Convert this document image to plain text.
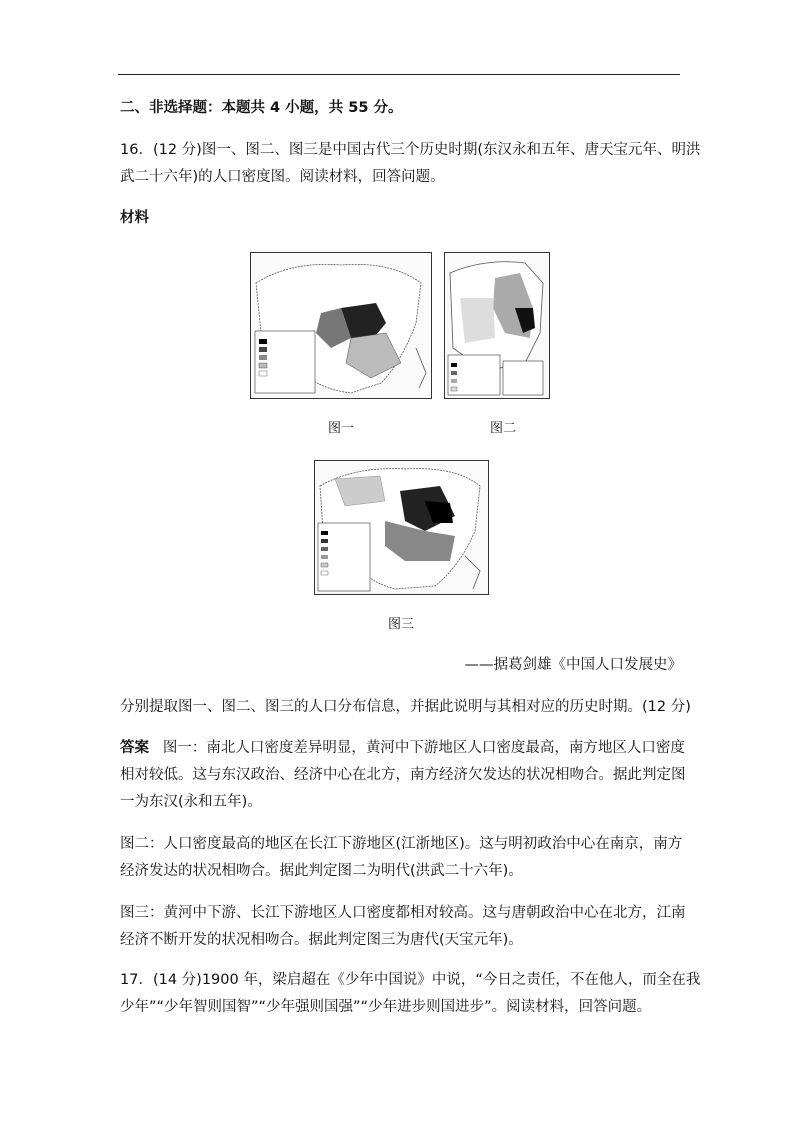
二、非选择题：本题共 4 小题，共 55 分。
16．(12 分)图一、图二、图三是中国古代三个历史时期(东汉永和五年、唐天宝元年、明洪
武二十六年)的人口密度图。阅读材料，回答问题。
材料
图一	图二
图三
——据葛剑雄《中国人口发展史》
分别提取图一、图二、图三的人口分布信息，并据此说明与其相对应的历史时期。(12 分)
答案 图一：南北人口密度差异明显，黄河中下游地区人口密度最高，南方地区人口密度
相对较低。这与东汉政治、经济中心在北方，南方经济欠发达的状况相吻合。据此判定图
一为东汉(永和五年)。
图二：人口密度最高的地区在长江下游地区(江浙地区)。这与明初政治中心在南京，南方
经济发达的状况相吻合。据此判定图二为明代(洪武二十六年)。
图三：黄河中下游、长江下游地区人口密度都相对较高。这与唐朝政治中心在北方，江南
经济不断开发的状况相吻合。据此判定图三为唐代(天宝元年)。
17．(14 分)1900 年，梁启超在《少年中国说》中说，“今日之责任，不在他人，而全在我
少年”“少年智则国智”“少年强则国强”“少年进步则国进步”。阅读材料，回答问题。
